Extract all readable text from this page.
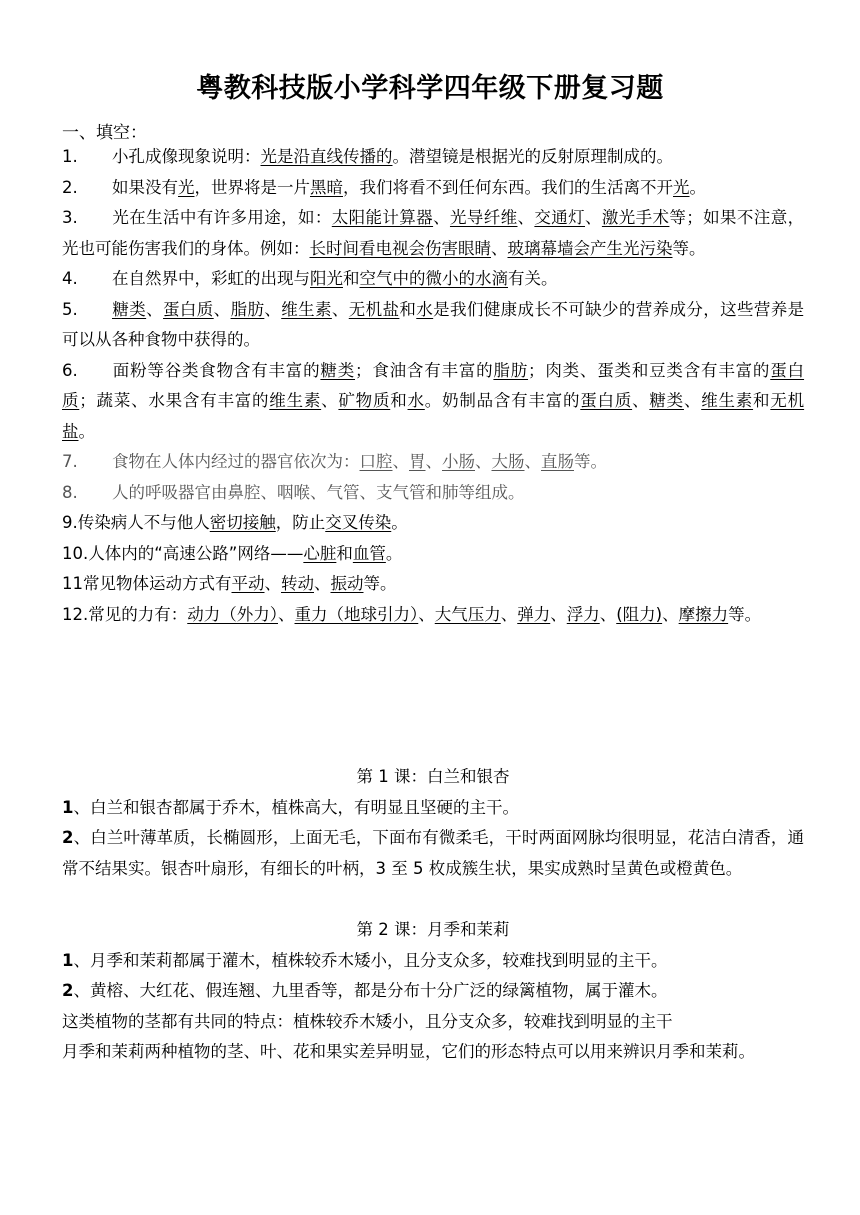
粤教科技版小学科学四年级下册复习题

一、填空：

1. 小孔成像现象说明：光是沿直线传播的。潜望镜是根据光的反射原理制成的。
2. 如果没有光，世界将是一片黑暗，我们将看不到任何东西。我们的生活离不开光。
3. 光在生活中有许多用途，如：太阳能计算器、光导纤维、交通灯、激光手术等；如果不注意，光也可能伤害我们的身体。例如：长时间看电视会伤害眼睛、玻璃幕墙会产生光污染等。
4. 在自然界中，彩虹的出现与阳光和空气中的微小的水滴有关。
5. 糖类、蛋白质、脂肪、维生素、无机盐和水是我们健康成长不可缺少的营养成分，这些营养是可以从各种食物中获得的。
6. 面粉等谷类食物含有丰富的糖类；食油含有丰富的脂肪；肉类、蛋类和豆类含有丰富的蛋白质；蔬菜、水果含有丰富的维生素、矿物质和水。奶制品含有丰富的蛋白质、糖类、维生素和无机盐。
7. 食物在人体内经过的器官依次为：口腔、胃、小肠、大肠、直肠等。
8. 人的呼吸器官由鼻腔、咽喉、气管、支气管和肺等组成。
9.传染病人不与他人密切接触，防止交叉传染。
10.人体内的“高速公路”网络——心脏和血管。
11常见物体运动方式有平动、转动、振动等。
12.常见的力有：动力（外力）、重力（地球引力）、大气压力、弹力、浮力、(阻力)、摩擦力等。
第 1 课：白兰和银杏

1、白兰和银杏都属于乔木，植株高大，有明显且坚硬的主干。

2、白兰叶薄革质，长椭圆形，上面无毛，下面布有微柔毛，干时两面网脉均很明显，花洁白清香，通常不结果实。银杏叶扇形，有细长的叶柄，3 至 5 枚成簇生状，果实成熟时呈黄色或橙黄色。

第 2 课：月季和茉莉

1、月季和茉莉都属于灌木，植株较乔木矮小，且分支众多，较难找到明显的主干。

2、黄榕、大红花、假连翘、九里香等，都是分布十分广泛的绿篱植物，属于灌木。

这类植物的茎都有共同的特点：植株较乔木矮小，且分支众多，较难找到明显的主干

月季和茉莉两种植物的茎、叶、花和果实差异明显，它们的形态特点可以用来辨识月季和茉莉。
